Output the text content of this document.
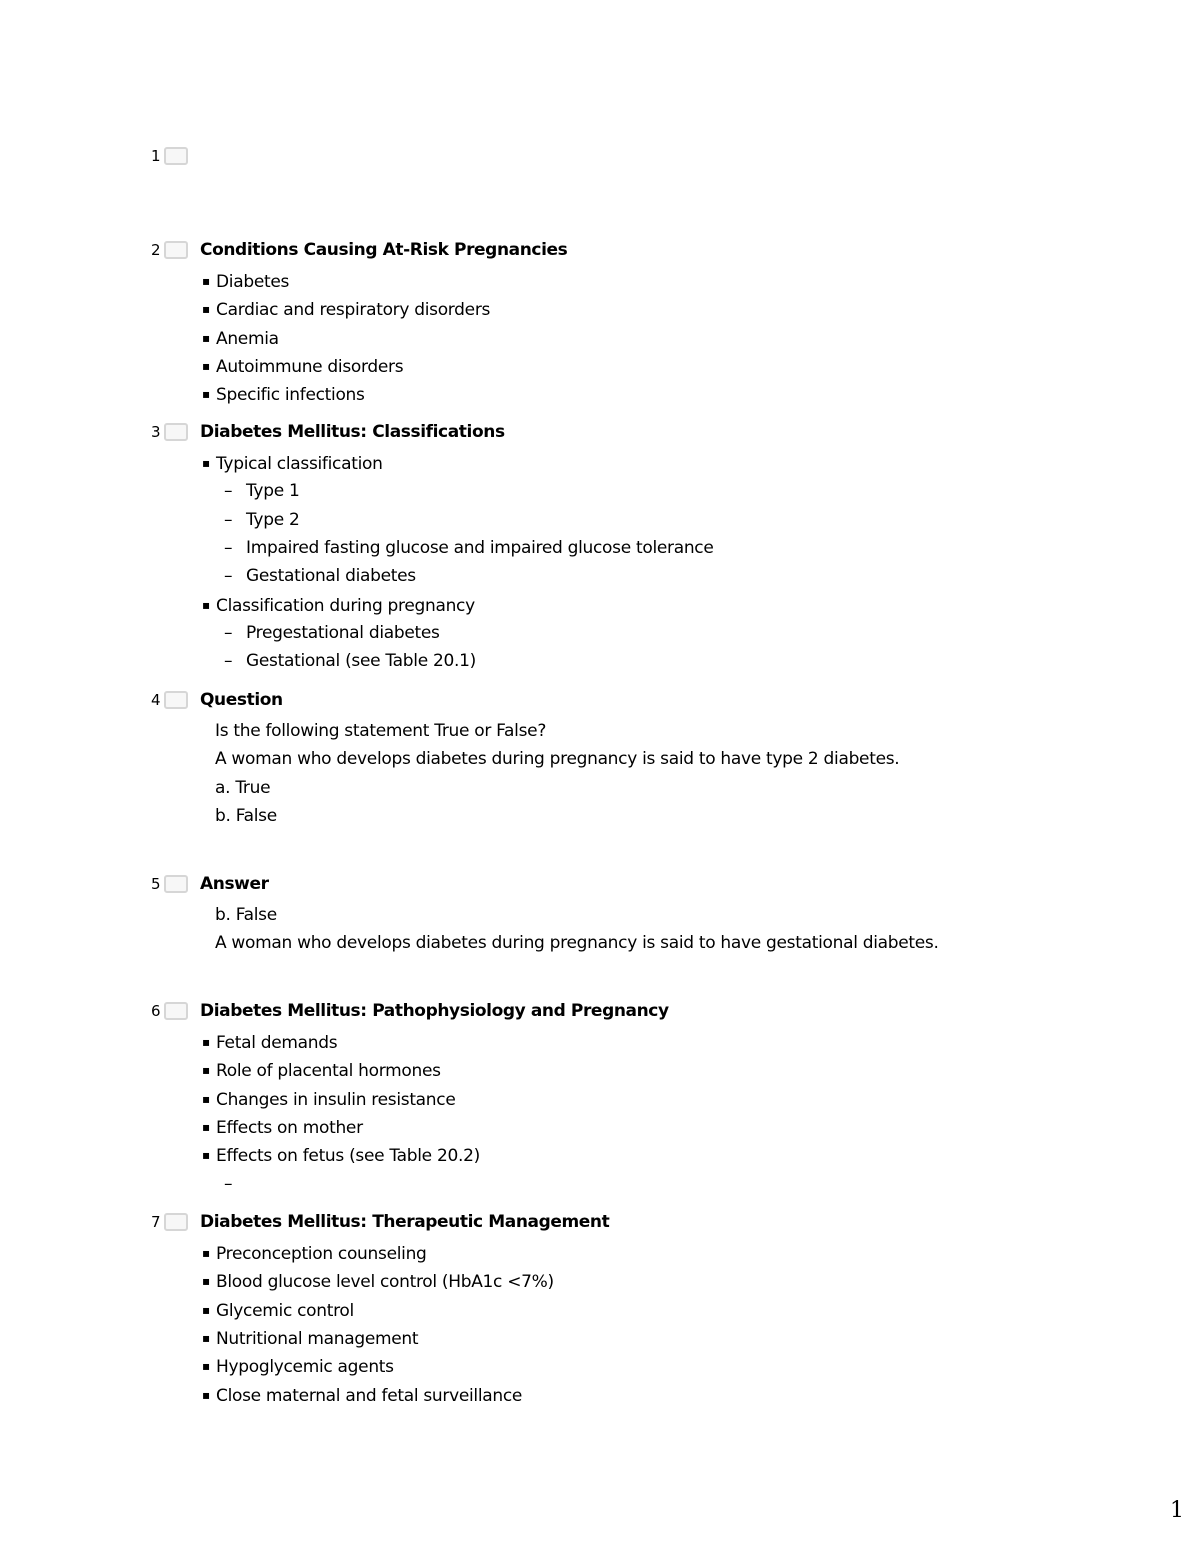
1
2 Conditions Causing At-Risk Pregnancies
▪ Diabetes
▪ Cardiac and respiratory disorders
▪ Anemia
▪ Autoimmune disorders
▪ Specific infections
3 Diabetes Mellitus: Classifications
▪ Typical classification
– Type 1
– Type 2
– Impaired fasting glucose and impaired glucose tolerance
– Gestational diabetes
▪ Classification during pregnancy
– Pregestational diabetes
– Gestational (see Table 20.1)
4 Question
Is the following statement True or False?
A woman who develops diabetes during pregnancy is said to have type 2 diabetes.
a. True
b. False
5 Answer
b. False
A woman who develops diabetes during pregnancy is said to have gestational diabetes.
6 Diabetes Mellitus: Pathophysiology and Pregnancy
▪ Fetal demands
▪ Role of placental hormones
▪ Changes in insulin resistance
▪ Effects on mother
▪ Effects on fetus (see Table 20.2)
–
7 Diabetes Mellitus: Therapeutic Management
▪ Preconception counseling
▪ Blood glucose level control (HbA1c <7%)
▪ Glycemic control
▪ Nutritional management
▪ Hypoglycemic agents
▪ Close maternal and fetal surveillance
1
